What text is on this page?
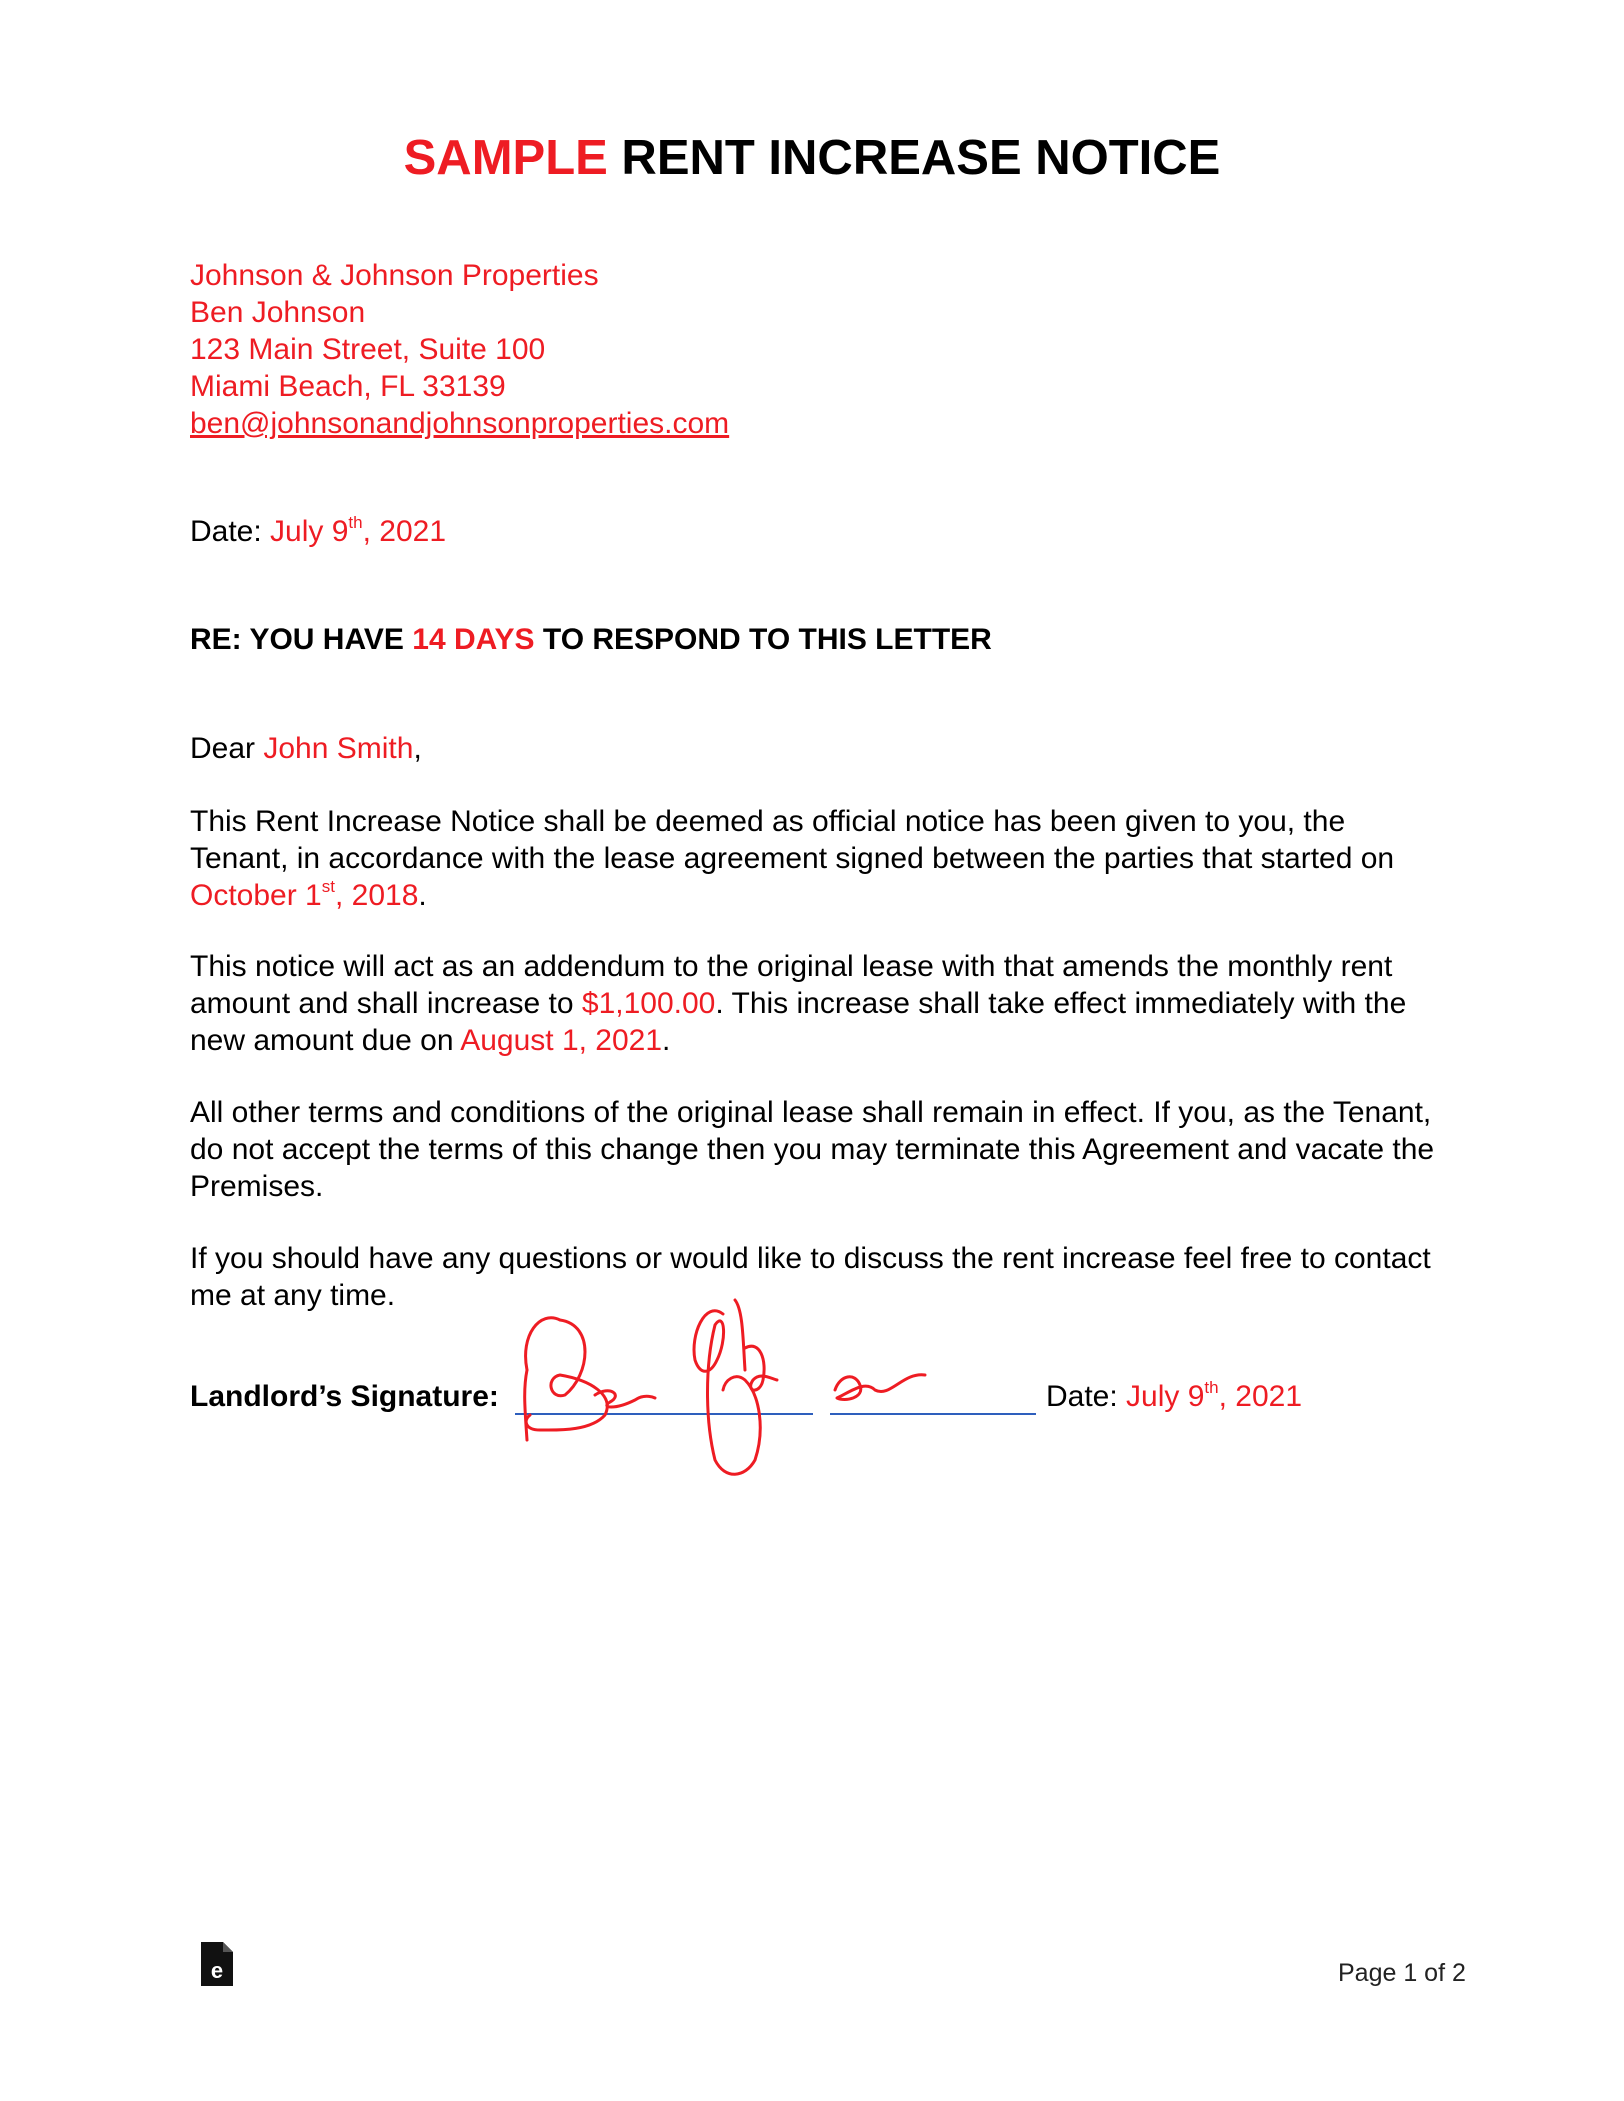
SAMPLE RENT INCREASE NOTICE
Johnson & Johnson Properties
Ben Johnson
123 Main Street, Suite 100
Miami Beach, FL 33139
ben@johnsonandjohnsonproperties.com
Date: July 9th, 2021
RE: YOU HAVE 14 DAYS TO RESPOND TO THIS LETTER
Dear John Smith,
This Rent Increase Notice shall be deemed as official notice has been given to you, the Tenant, in accordance with the lease agreement signed between the parties that started on October 1st, 2018.
This notice will act as an addendum to the original lease with that amends the monthly rent amount and shall increase to $1,100.00. This increase shall take effect immediately with the new amount due on August 1, 2021.
All other terms and conditions of the original lease shall remain in effect. If you, as the Tenant, do not accept the terms of this change then you may terminate this Agreement and vacate the Premises.
If you should have any questions or would like to discuss the rent increase feel free to contact me at any time.
Landlord’s Signature:	Date: July 9th, 2021
e	Page 1 of 2
